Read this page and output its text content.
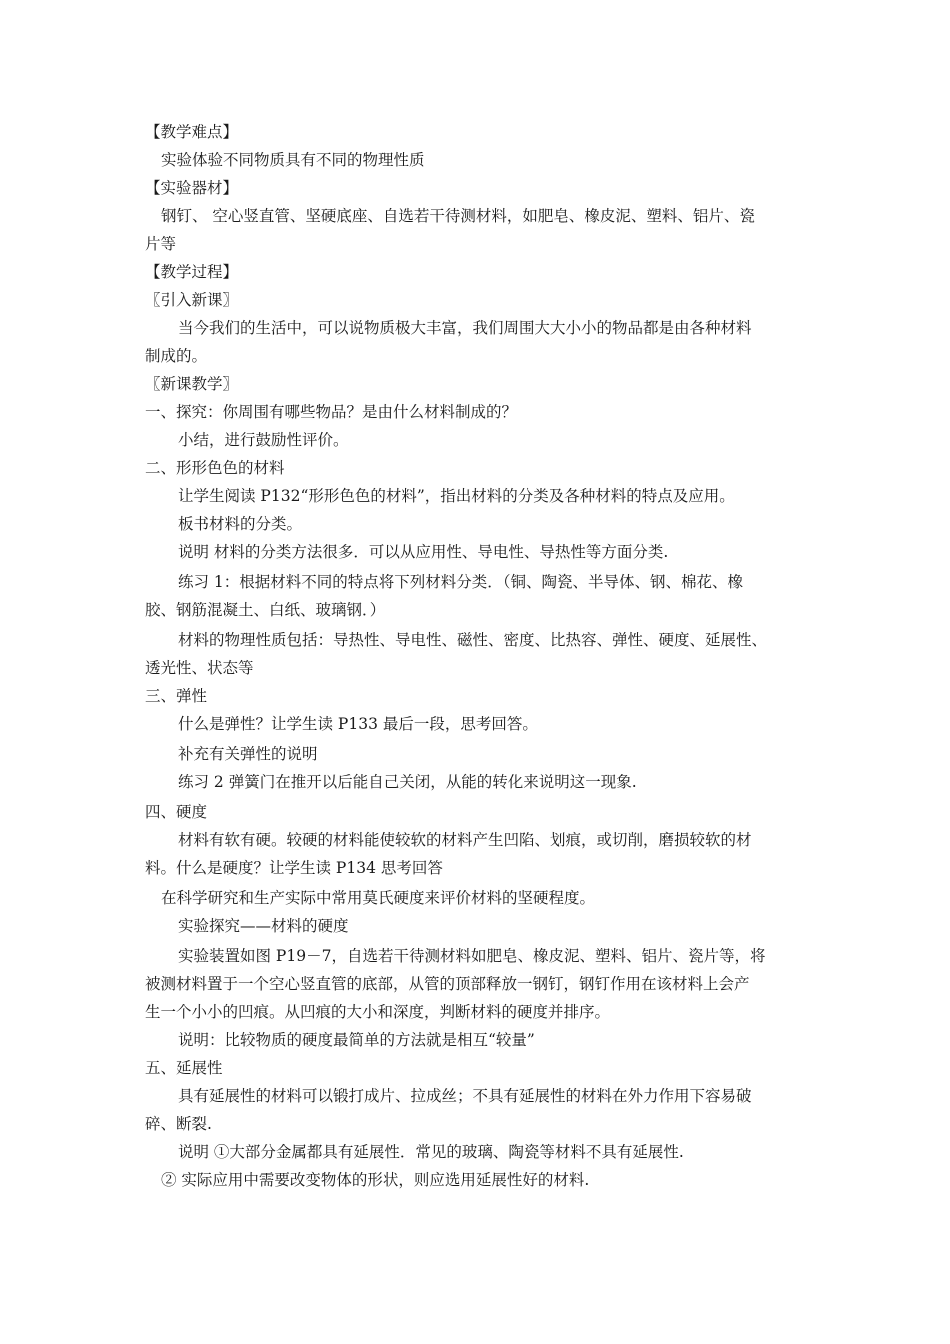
【教学难点】
实验体验不同物质具有不同的物理性质
【实验器材】
钢钉、 空心竖直管、坚硬底座、自选若干待测材料，如肥皂、橡皮泥、塑料、铝片、瓷
片等
【教学过程】
〖引入新课〗
当今我们的生活中，可以说物质极大丰富，我们周围大大小小的物品都是由各种材料
制成的。
〖新课教学〗
一、探究：你周围有哪些物品？是由什么材料制成的？
小结，进行鼓励性评价。
二、形形色色的材料
让学生阅读 P132“形形色色的材料”，指出材料的分类及各种材料的特点及应用。
板书材料的分类。
说明 材料的分类方法很多．可以从应用性、导电性、导热性等方面分类.
练习 1：根据材料不同的特点将下列材料分类．（铜、陶瓷、半导体、钢、棉花、橡
胶、钢筋混凝土、白纸、玻璃钢．）
材料的物理性质包括：导热性、导电性、磁性、密度、比热容、弹性、硬度、延展性、
透光性、状态等
三、弹性
什么是弹性？让学生读 P133 最后一段，思考回答。
补充有关弹性的说明
练习 2 弹簧门在推开以后能自己关闭，从能的转化来说明这一现象.
四、硬度
材料有软有硬。较硬的材料能使较软的材料产生凹陷、划痕，或切削，磨损较软的材
料。什么是硬度？让学生读 P134 思考回答
在科学研究和生产实际中常用莫氏硬度来评价材料的坚硬程度。
实验探究——材料的硬度
实验装置如图 P19－7，自选若干待测材料如肥皂、橡皮泥、塑料、铝片、瓷片等，将
被测材料置于一个空心竖直管的底部，从管的顶部释放一钢钉，钢钉作用在该材料上会产
生一个小小的凹痕。从凹痕的大小和深度，判断材料的硬度并排序。
说明：比较物质的硬度最简单的方法就是相互“较量”
五、延展性
具有延展性的材料可以锻打成片、拉成丝；不具有延展性的材料在外力作用下容易破
碎、断裂.
说明 ①大部分金属都具有延展性．常见的玻璃、陶瓷等材料不具有延展性.
② 实际应用中需要改变物体的形状，则应选用延展性好的材料.
